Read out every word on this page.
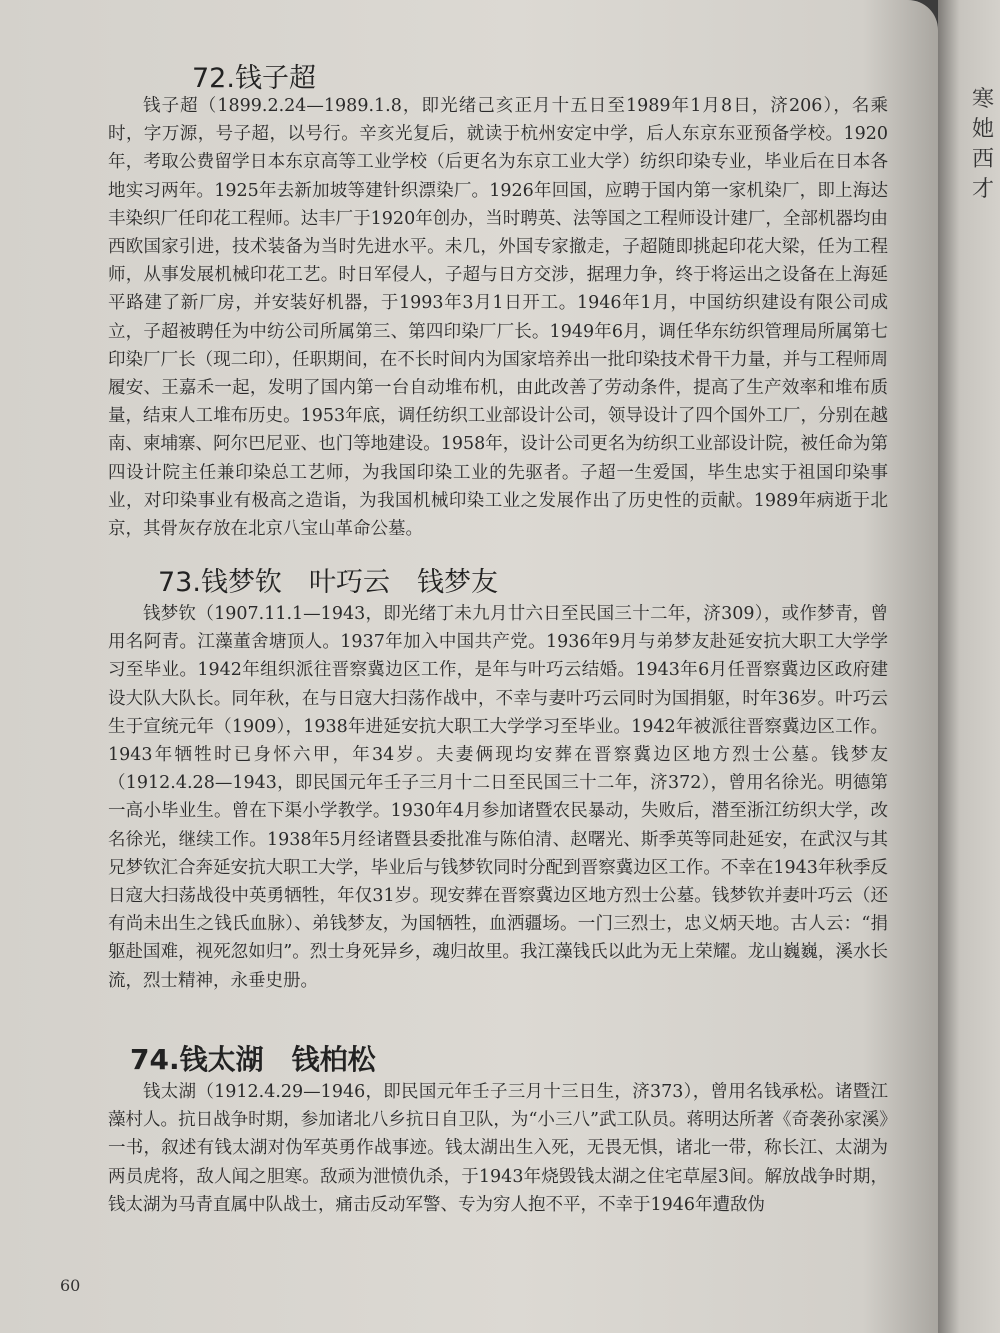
72.钱子超

钱子超（1899.2.24—1989.1.8，即光绪己亥正月十五日至1989年1月8日，济206），名乘时，字万源，号子超，以号行。辛亥光复后，就读于杭州安定中学，后人东京东亚预备学校。1920年，考取公费留学日本东京高等工业学校（后更名为东京工业大学）纺织印染专业，毕业后在日本各地实习两年。1925年去新加坡等建针织漂染厂。1926年回国，应聘于国内第一家机染厂，即上海达丰染织厂任印花工程师。达丰厂于1920年创办，当时聘英、法等国之工程师设计建厂，全部机器均由西欧国家引进，技术装备为当时先进水平。未几，外国专家撤走，子超随即挑起印花大梁，任为工程师，从事发展机械印花工艺。时日军侵人，子超与日方交涉，据理力争，终于将运出之设备在上海延平路建了新厂房，并安装好机器，于1993年3月1日开工。1946年1月，中国纺织建设有限公司成立，子超被聘任为中纺公司所属第三、第四印染厂厂长。1949年6月，调任华东纺织管理局所属第七印染厂厂长（现二印），任职期间，在不长时间内为国家培养出一批印染技术骨干力量，并与工程师周履安、王嘉禾一起，发明了国内第一台自动堆布机，由此改善了劳动条件，提高了生产效率和堆布质量，结束人工堆布历史。1953年底，调任纺织工业部设计公司，领导设计了四个国外工厂，分别在越南、柬埔寨、阿尔巴尼亚、也门等地建设。1958年，设计公司更名为纺织工业部设计院，被任命为第四设计院主任兼印染总工艺师，为我国印染工业的先驱者。子超一生爱国，毕生忠实于祖国印染事业，对印染事业有极高之造诣，为我国机械印染工业之发展作出了历史性的贡献。1989年病逝于北京，其骨灰存放在北京八宝山革命公墓。

73.钱梦钦　叶巧云　钱梦友

钱梦钦（1907.11.1—1943，即光绪丁未九月廿六日至民国三十二年，济309），或作梦青，曾用名阿青。江藻董舍塘顶人。1937年加入中国共产党。1936年9月与弟梦友赴延安抗大职工大学学习至毕业。1942年组织派往晋察冀边区工作，是年与叶巧云结婚。1943年6月任晋察冀边区政府建设大队大队长。同年秋，在与日寇大扫荡作战中，不幸与妻叶巧云同时为国捐躯，时年36岁。叶巧云生于宣统元年（1909），1938年进延安抗大职工大学学习至毕业。1942年被派往晋察冀边区工作。1943年牺牲时已身怀六甲，年34岁。夫妻俩现均安葬在晋察冀边区地方烈士公墓。钱梦友（1912.4.28—1943，即民国元年壬子三月十二日至民国三十二年，济372），曾用名徐光。明德第一高小毕业生。曾在下渠小学教学。1930年4月参加诸暨农民暴动，失败后，潜至浙江纺织大学，改名徐光，继续工作。1938年5月经诸暨县委批准与陈伯清、赵曙光、斯季英等同赴延安，在武汉与其兄梦钦汇合奔延安抗大职工大学，毕业后与钱梦钦同时分配到晋察冀边区工作。不幸在1943年秋季反日寇大扫荡战役中英勇牺牲，年仅31岁。现安葬在晋察冀边区地方烈士公墓。钱梦钦并妻叶巧云（还有尚未出生之钱氏血脉）、弟钱梦友，为国牺牲，血洒疆场。一门三烈士，忠义炳天地。古人云：“捐躯赴国难，视死忽如归”。烈士身死异乡，魂归故里。我江藻钱氏以此为无上荣耀。龙山巍巍，溪水长流，烈士精神，永垂史册。

74.钱太湖　钱柏松

钱太湖（1912.4.29—1946，即民国元年壬子三月十三日生，济373），曾用名钱承松。诸暨江藻村人。抗日战争时期，参加诸北八乡抗日自卫队，为“小三八”武工队员。蒋明达所著《奇袭孙家溪》一书，叙述有钱太湖对伪军英勇作战事迹。钱太湖出生入死，无畏无惧，诸北一带，称长江、太湖为两员虎将，敌人闻之胆寒。敌顽为泄愤仇杀，于1943年烧毁钱太湖之住宅草屋3间。解放战争时期，钱太湖为马青直属中队战士，痛击反动军警、专为穷人抱不平，不幸于1946年遭敌伪

60

寒
她
西
才
